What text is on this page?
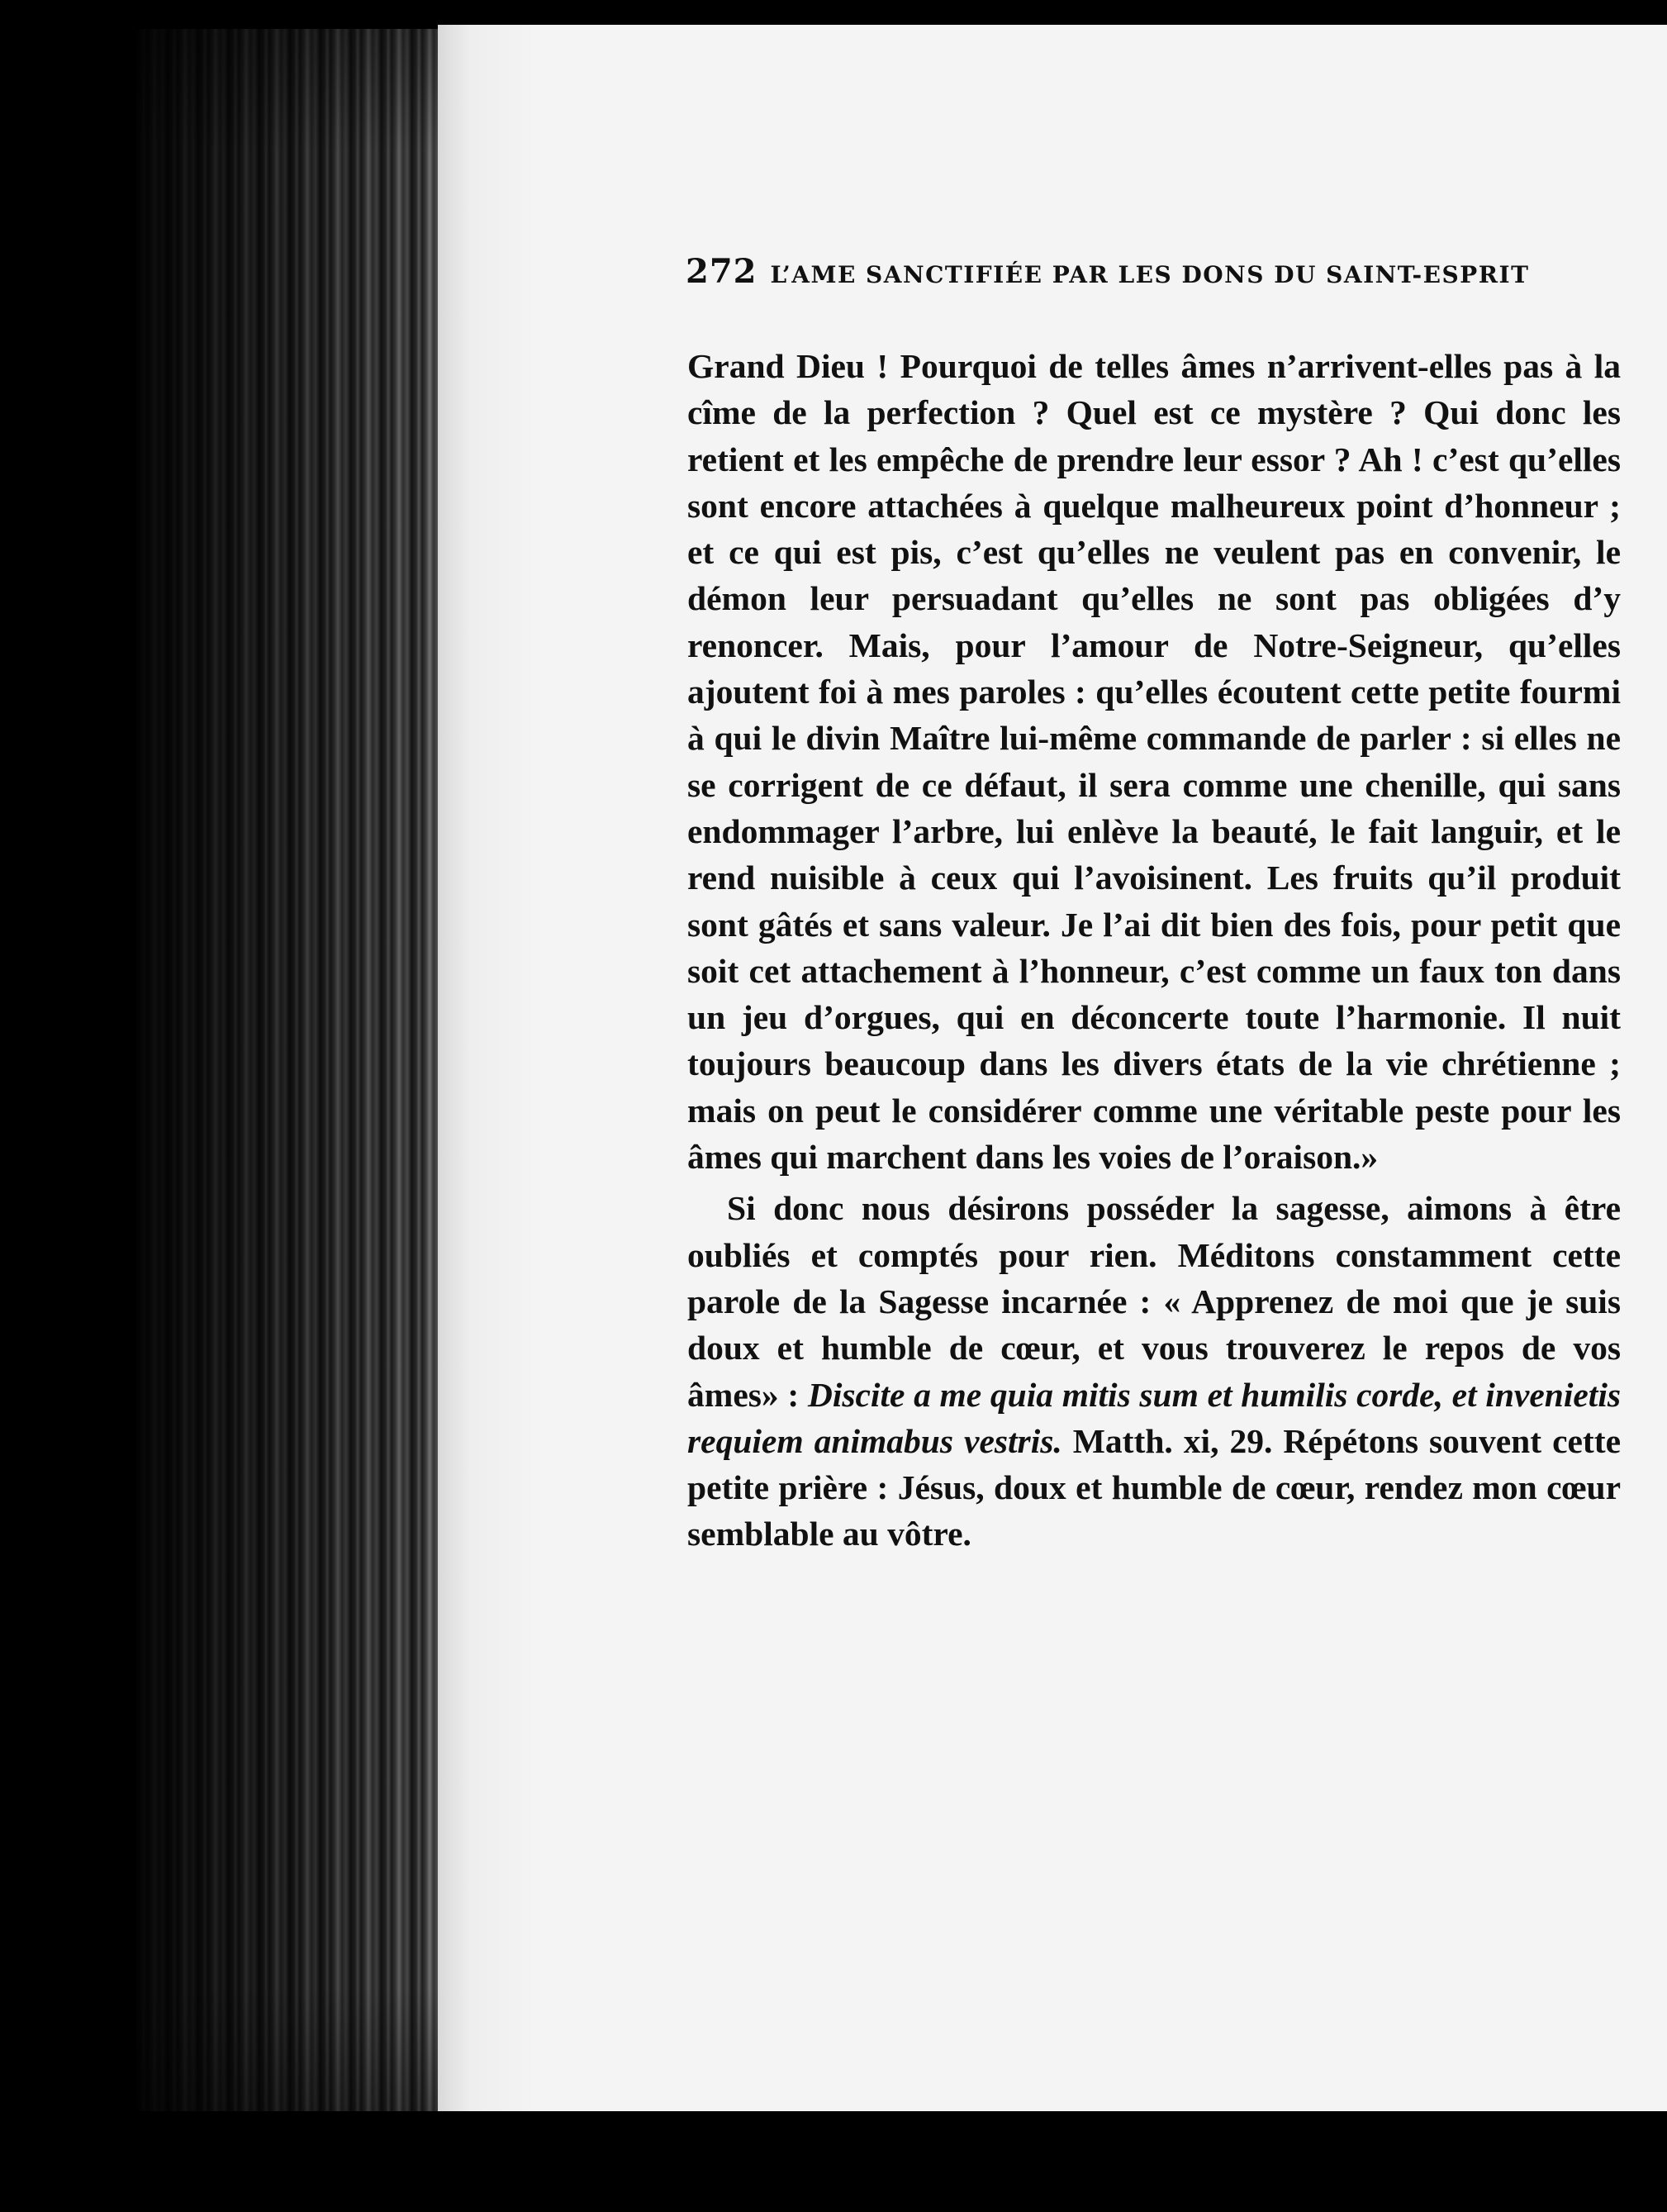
272 L’AME SANCTIFIÉE PAR LES DONS DU SAINT-ESPRIT

Grand Dieu ! Pourquoi de telles âmes n’arrivent-elles pas à la cîme de la perfection ? Quel est ce mystère ? Qui donc les retient et les empêche de prendre leur essor ? Ah ! c’est qu’elles sont encore attachées à quelque malheureux point d’honneur ; et ce qui est pis, c’est qu’elles ne veulent pas en convenir, le démon leur persuadant qu’elles ne sont pas obligées d’y renoncer. Mais, pour l’amour de Notre-Seigneur, qu’elles ajoutent foi à mes paroles : qu’elles écoutent cette petite fourmi à qui le divin Maître lui-même commande de parler : si elles ne se corrigent de ce défaut, il sera comme une chenille, qui sans endommager l’arbre, lui enlève la beauté, le fait languir, et le rend nuisible à ceux qui l’avoisinent. Les fruits qu’il produit sont gâtés et sans valeur. Je l’ai dit bien des fois, pour petit que soit cet attachement à l’honneur, c’est comme un faux ton dans un jeu d’orgues, qui en déconcerte toute l’harmonie. Il nuit toujours beaucoup dans les divers états de la vie chrétienne ; mais on peut le considérer comme une véritable peste pour les âmes qui marchent dans les voies de l’oraison.»

Si donc nous désirons posséder la sagesse, aimons à être oubliés et comptés pour rien. Méditons constamment cette parole de la Sagesse incarnée : « Apprenez de moi que je suis doux et humble de cœur, et vous trouverez le repos de vos âmes» : Discite a me quia mitis sum et humilis corde, et invenietis requiem animabus vestris. Matth. xi, 29. Répétons souvent cette petite prière : Jésus, doux et humble de cœur, rendez mon cœur semblable au vôtre.
